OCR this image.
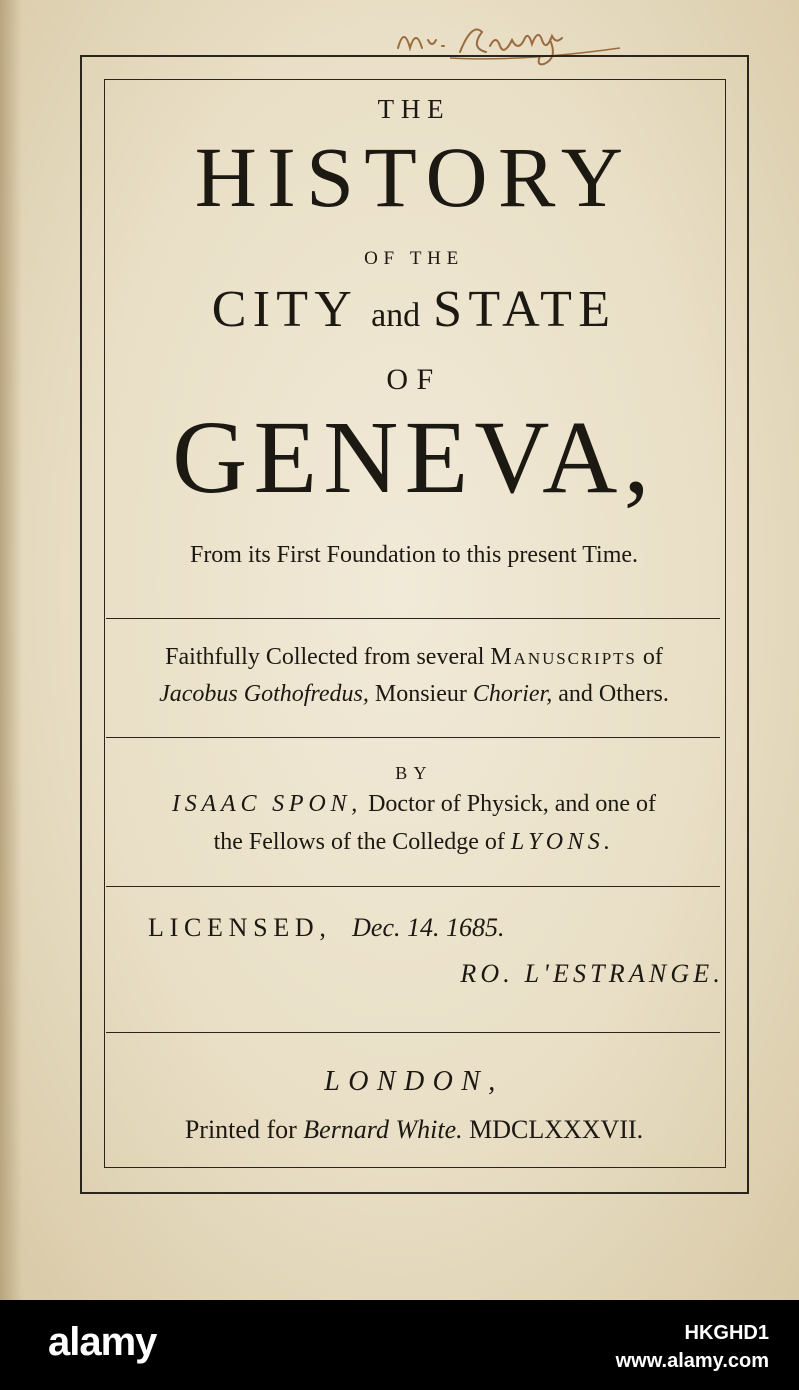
THE
HISTORY
OF THE
CITY and STATE
OF
GENEVA,
From its First Foundation to this present Time.
Faithfully Collected from several Manuscripts of
Jacobus Gothofredus, Monsieur Chorier, and Others.
BY
ISAAC SPON, Doctor of Physick, and one of
the Fellows of the Colledge of LYONS.
LICENSED, Dec. 14. 1685.
RO. L'ESTRANGE.
LONDON,
Printed for Bernard White. MDCLXXXVII.
alamy	HKGHD1
www.alamy.com
